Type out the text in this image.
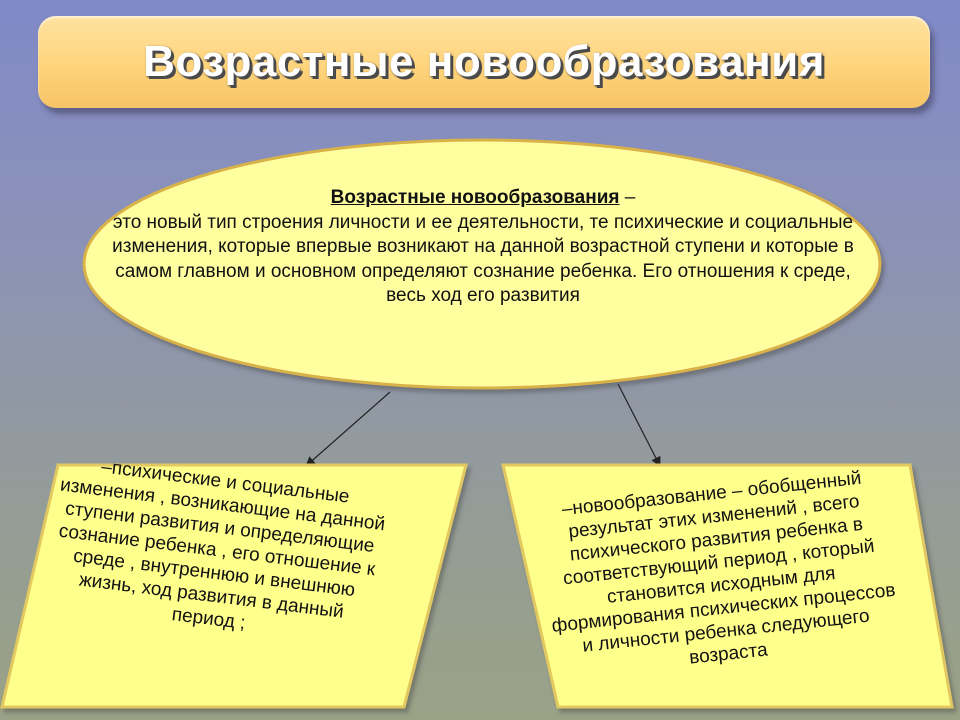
Возрастные новообразования
Возрастные новообразования –
это новый тип строения личности и ее деятельности, те психические и социальные изменения, которые впервые возникают на данной возрастной ступени и которые в самом главном и основном определяют сознание ребенка. Его отношения к среде, весь ход его развития
–психические и социальные изменения , возникающие на данной ступени развития и определяющие сознание ребенка , его отношение к среде , внутреннюю и внешнюю жизнь, ход развития в данный период ;
–новообразование – обобщенный результат этих изменений , всего психического развития ребенка в соответствующий период , который становится исходным для формирования психических процессов и личности ребенка следующего возраста
